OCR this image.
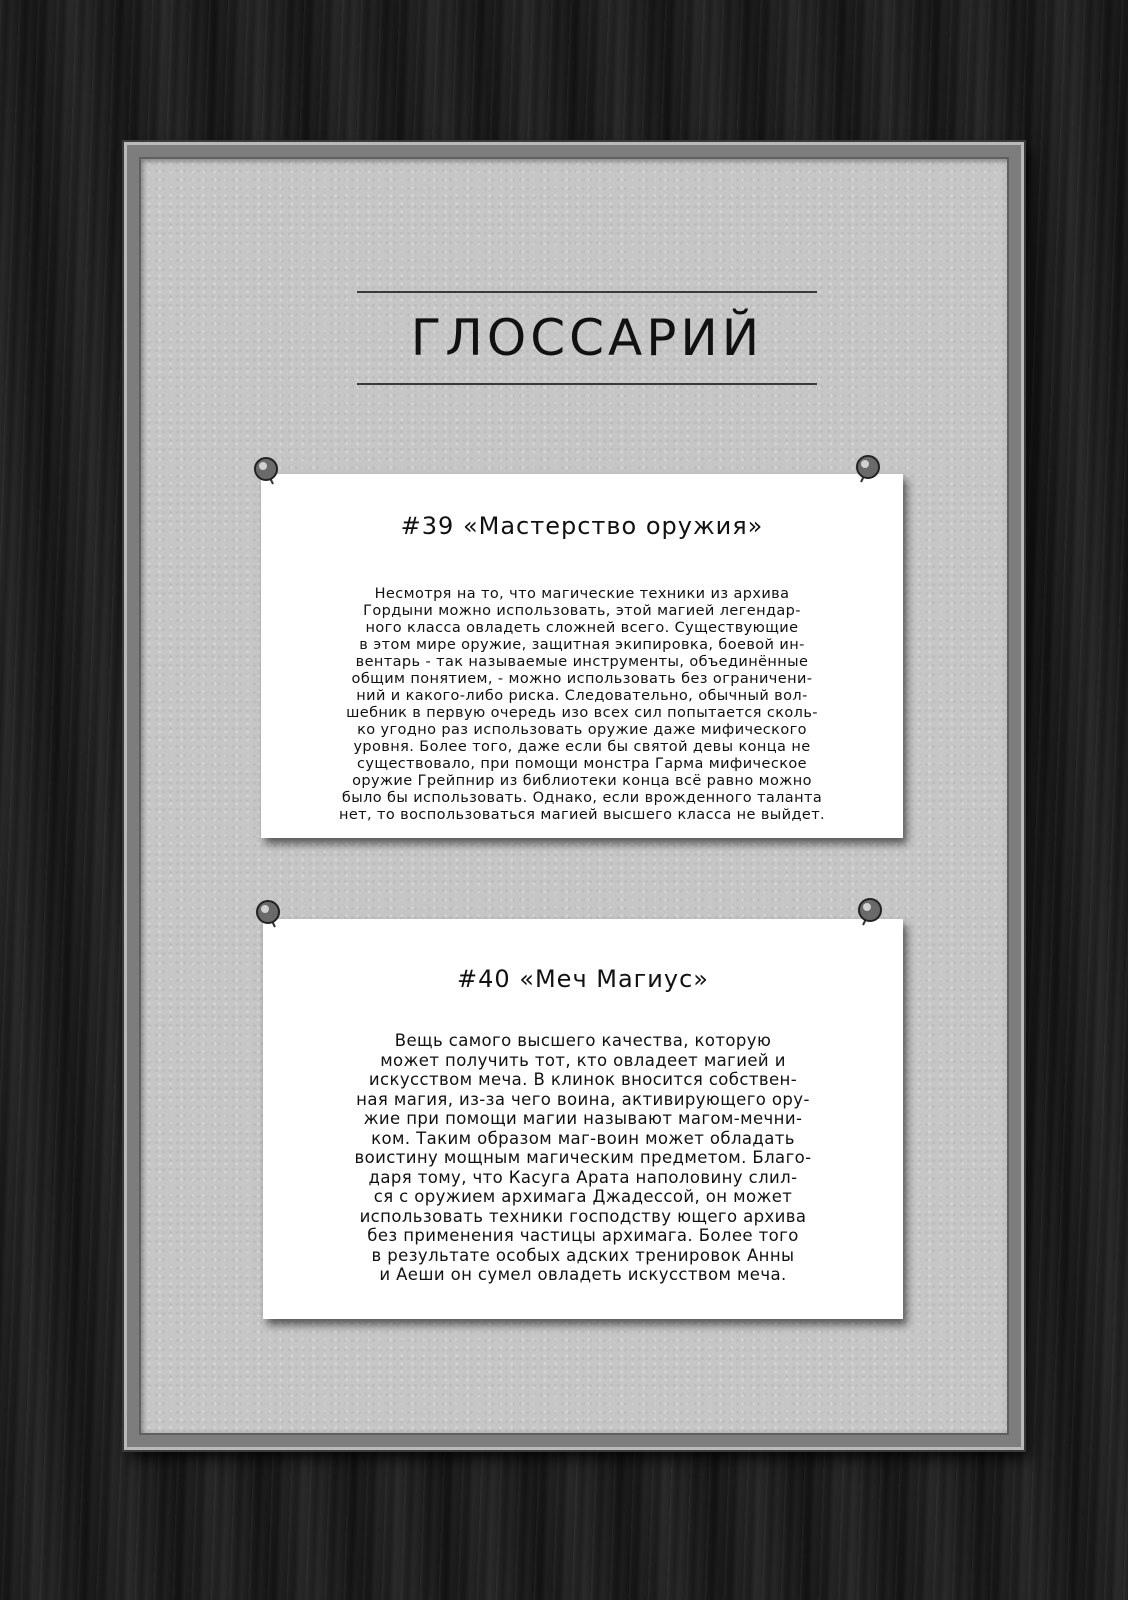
ГЛОССАРИЙ
#39 «Мастерство оружия»
Несмотря на то, что магические техники из архива
Гордыни можно использовать, этой магией легендар-
ного класса овладеть сложней всего. Существующие
в этом мире оружие, защитная экипировка, боевой ин-
вентарь - так называемые инструменты, объединённые
общим понятием, - можно использовать без ограничени-
ний и какого-либо риска. Следовательно, обычный вол-
шебник в первую очередь изо всех сил попытается сколь-
ко угодно раз использовать оружие даже мифического
уровня. Более того, даже если бы святой девы конца не
существовало, при помощи монстра Гарма мифическое
оружие Грейпнир из библиотеки конца всё равно можно
было бы использовать. Однако, если врожденного таланта
нет, то воспользоваться магией высшего класса не выйдет.
#40 «Меч Магиус»
Вещь самого высшего качества, которую
может получить тот, кто овладеет магией и
искусством меча. В клинок вносится собствен-
ная магия, из-за чего воина, активирующего ору-
жие при помощи магии называют магом-мечни-
ком. Таким образом маг-воин может обладать
воистину мощным магическим предметом. Благо-
даря тому, что Касуга Арата наполовину слил-
ся с оружием архимага Джадессой, он может
использовать техники господству ющего архива
без применения частицы архимага. Более того
в результате особых адских тренировок Анны
и Аеши он сумел овладеть искусством меча.
